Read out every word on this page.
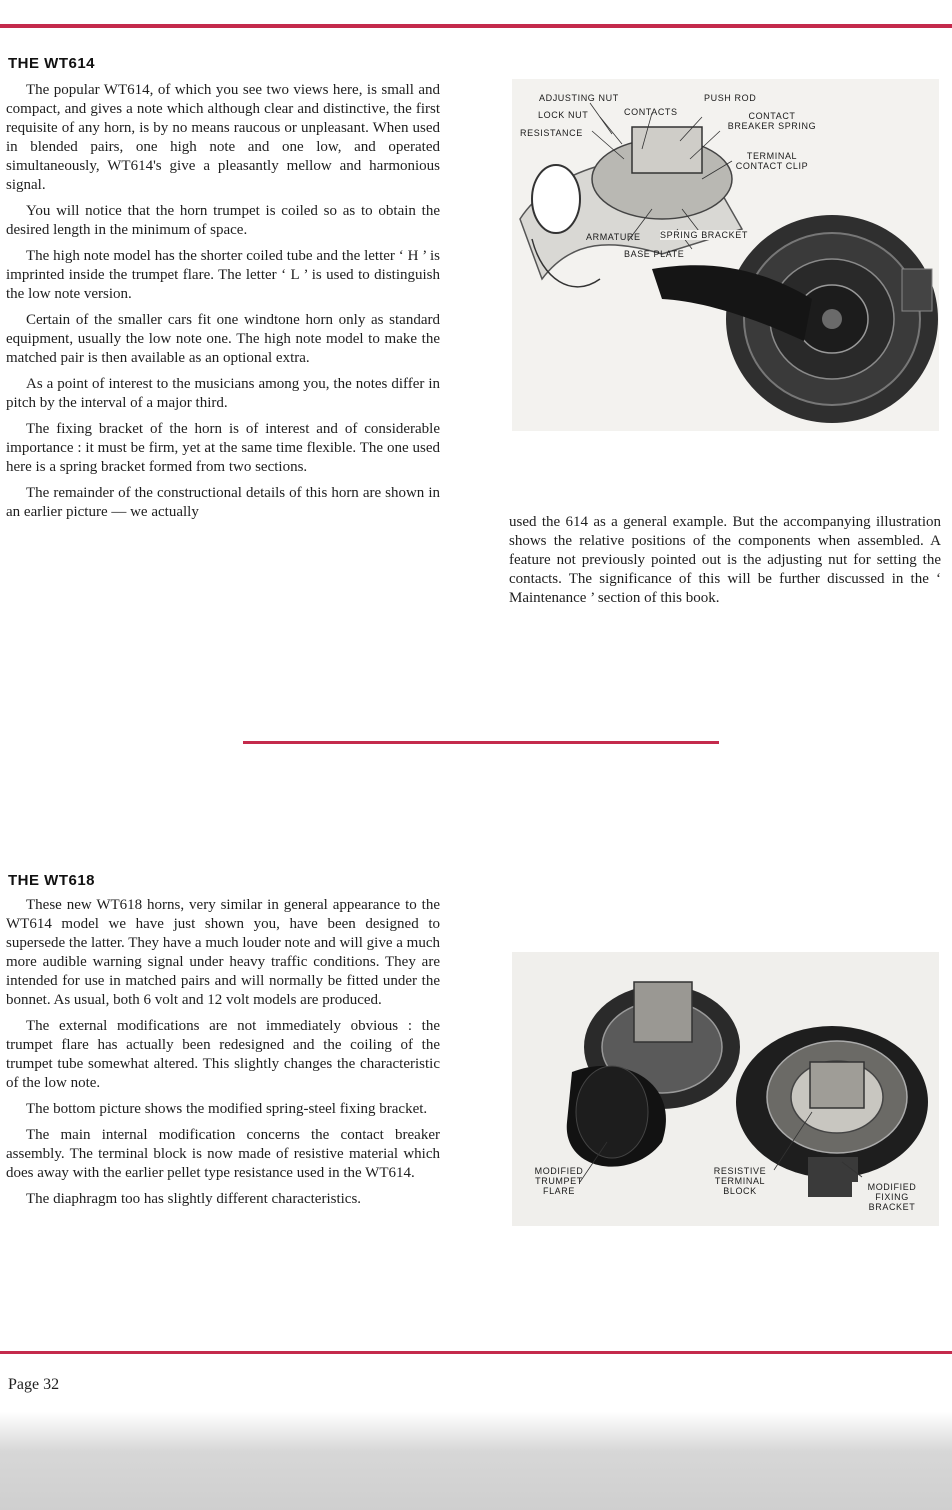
THE WT614

The popular WT614, of which you see two views here, is small and compact, and gives a note which although clear and distinctive, the first requisite of any horn, is by no means raucous or unpleasant. When used in blended pairs, one high note and one low, and operated simultaneously, WT614's give a pleasantly mellow and harmonious signal.

You will notice that the horn trumpet is coiled so as to obtain the desired length in the minimum of space.

The high note model has the shorter coiled tube and the letter ‘ H ’ is imprinted inside the trumpet flare. The letter ‘ L ’ is used to distinguish the low note version.

Certain of the smaller cars fit one windtone horn only as standard equipment, usually the low note one. The high note model to make the matched pair is then available as an optional extra.

As a point of interest to the musicians among you, the notes differ in pitch by the interval of a major third.

The fixing bracket of the horn is of interest and of considerable importance : it must be firm, yet at the same time flexible. The one used here is a spring bracket formed from two sections.

The remainder of the constructional details of this horn are shown in an earlier picture — we actually

ADJUSTING NUT	PUSH ROD

LOCK NUT	CONTACTS

RESISTANCE

CONTACT
BREAKER SPRING

TERMINAL
CONTACT CLIP

ARMATURE SPRING BRACKET

BASE PLATE

used the 614 as a general example. But the accompanying illustration shows the relative positions of the components when assembled. A feature not previously pointed out is the adjusting nut for setting the contacts. The significance of this will be further discussed in the ‘ Maintenance ’ section of this book.

THE WT618

These new WT618 horns, very similar in general appearance to the WT614 model we have just shown you, have been designed to supersede the latter. They have a much louder note and will give a much more audible warning signal under heavy traffic conditions. They are intended for use in matched pairs and will normally be fitted under the bonnet. As usual, both 6 volt and 12 volt models are produced.

The external modifications are not immediately obvious : the trumpet flare has actually been redesigned and the coiling of the trumpet tube somewhat altered. This slightly changes the characteristic of the low note.

The bottom picture shows the modified spring-steel fixing bracket.

The main internal modification concerns the contact breaker assembly. The terminal block is now made of resistive material which does away with the earlier pellet type resistance used in the WT614.

The diaphragm too has slightly different characteristics.

MODIFIED
TRUMPET
FLARE

RESISTIVE
TERMINAL
BLOCK	MODIFIED
FIXING
BRACKET

Page 32
